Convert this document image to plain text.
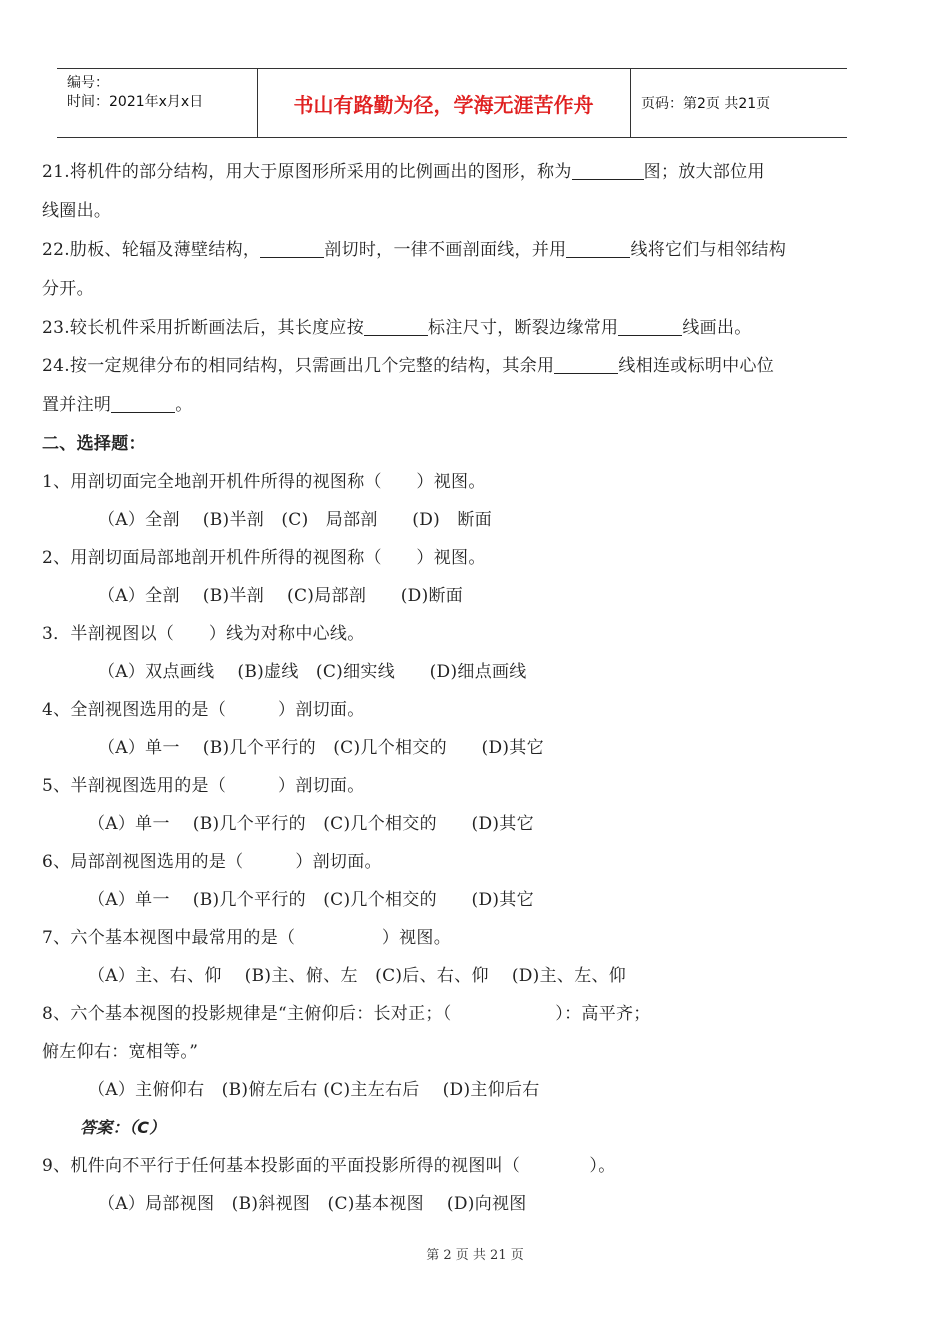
编号：
时间：2021年x月x日	书山有路勤为径，学海无涯苦作舟	页码：第2页 共21页
21.将机件的部分结构，用大于原图形所采用的比例画出的图形，称为	图；放大部位用
线圈出。
22.肋板、轮辐及薄壁结构，	剖切时，一律不画剖面线，并用	线将它们与相邻结构
分开。
23.较长机件采用折断画法后，其长度应按	标注尺寸，断裂边缘常用	线画出。
24.按一定规律分布的相同结构，只需画出几个完整的结构，其余用	线相连或标明中心位
置并注明	。
二、选择题：
1、用剖切面完全地剖开机件所得的视图称（　　）视图。
（A）全剖　 (B)半剖　(C)　局部剖　　(D)　断面
2、用剖切面局部地剖开机件所得的视图称（　　）视图。
（A）全剖　 (B)半剖　 (C)局部剖　　(D)断面
3．半剖视图以（　　）线为对称中心线。
（A）双点画线　 (B)虚线　(C)细实线　　(D)细点画线
4、全剖视图选用的是（　　　）剖切面。
（A）单一　 (B)几个平行的　(C)几个相交的　　(D)其它
5、半剖视图选用的是（　　　）剖切面。
（A）单一　 (B)几个平行的　(C)几个相交的　　(D)其它
6、局部剖视图选用的是（　　　）剖切面。
（A）单一　 (B)几个平行的　(C)几个相交的　　(D)其它
7、六个基本视图中最常用的是（　　　　　）视图。
（A）主、右、仰　 (B)主、俯、左　(C)后、右、仰　 (D)主、左、仰
8、六个基本视图的投影规律是“主俯仰后：长对正；（　　　　　　）：高平齐；
俯左仰右：宽相等。”
（A）主俯仰右　(B)俯左后右 (C)主左右后　 (D)主仰后右
答案：（C）
9、机件向不平行于任何基本投影面的平面投影所得的视图叫（　　　　）。
（A）局部视图　(B)斜视图　(C)基本视图　 (D)向视图
第 2 页 共 21 页
